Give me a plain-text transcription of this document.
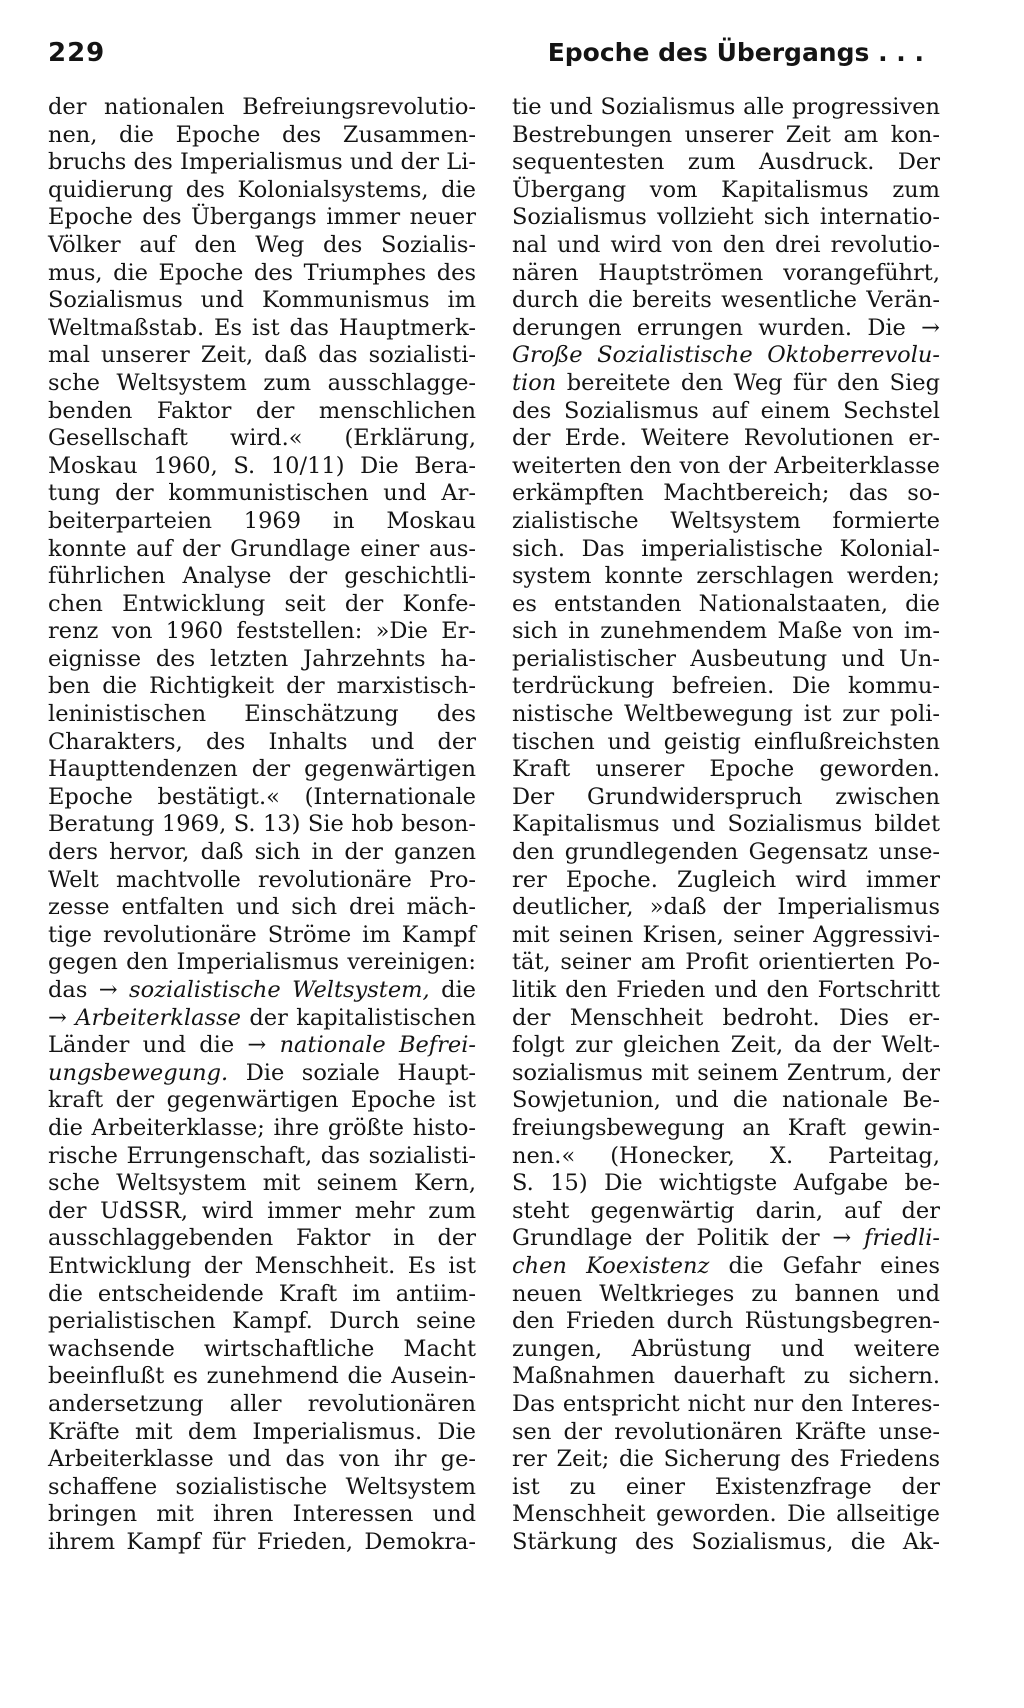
229	Epoche des Übergangs . . .
der nationalen Befreiungsrevolutio-
nen, die Epoche des Zusammen-
bruchs des Imperialismus und der Li-
quidierung des Kolonialsystems, die
Epoche des Übergangs immer neuer
Völker auf den Weg des Sozialis-
mus, die Epoche des Triumphes des
Sozialismus und Kommunismus im
Weltmaßstab. Es ist das Hauptmerk-
mal unserer Zeit, daß das sozialisti-
sche Weltsystem zum ausschlagge-
benden Faktor der menschlichen
Gesellschaft wird.« (Erklärung,
Moskau 1960, S. 10/11) Die Bera-
tung der kommunistischen und Ar-
beiterparteien 1969 in Moskau
konnte auf der Grundlage einer aus-
führlichen Analyse der geschichtli-
chen Entwicklung seit der Konfe-
renz von 1960 feststellen: »Die Er-
eignisse des letzten Jahrzehnts ha-
ben die Richtigkeit der marxistisch-
leninistischen Einschätzung des
Charakters, des Inhalts und der
Haupttendenzen der gegenwärtigen
Epoche bestätigt.« (Internationale
Beratung 1969, S. 13) Sie hob beson-
ders hervor, daß sich in der ganzen
Welt machtvolle revolutionäre Pro-
zesse entfalten und sich drei mäch-
tige revolutionäre Ströme im Kampf
gegen den Imperialismus vereinigen:
das → sozialistische Weltsystem, die
→ Arbeiterklasse der kapitalistischen
Länder und die → nationale Befrei-
ungsbewegung. Die soziale Haupt-
kraft der gegenwärtigen Epoche ist
die Arbeiterklasse; ihre größte histo-
rische Errungenschaft, das sozialisti-
sche Weltsystem mit seinem Kern,
der UdSSR, wird immer mehr zum
ausschlaggebenden Faktor in der
Entwicklung der Menschheit. Es ist
die entscheidende Kraft im antiim-
perialistischen Kampf. Durch seine
wachsende wirtschaftliche Macht
beeinflußt es zunehmend die Ausein-
andersetzung aller revolutionären
Kräfte mit dem Imperialismus. Die
Arbeiterklasse und das von ihr ge-
schaffene sozialistische Weltsystem
bringen mit ihren Interessen und
ihrem Kampf für Frieden, Demokra-
tie und Sozialismus alle progressiven
Bestrebungen unserer Zeit am kon-
sequentesten zum Ausdruck. Der
Übergang vom Kapitalismus zum
Sozialismus vollzieht sich internatio-
nal und wird von den drei revolutio-
nären Hauptströmen vorangeführt,
durch die bereits wesentliche Verän-
derungen errungen wurden. Die →
Große Sozialistische Oktoberrevolu-
tion bereitete den Weg für den Sieg
des Sozialismus auf einem Sechstel
der Erde. Weitere Revolutionen er-
weiterten den von der Arbeiterklasse
erkämpften Machtbereich; das so-
zialistische Weltsystem formierte
sich. Das imperialistische Kolonial-
system konnte zerschlagen werden;
es entstanden Nationalstaaten, die
sich in zunehmendem Maße von im-
perialistischer Ausbeutung und Un-
terdrückung befreien. Die kommu-
nistische Weltbewegung ist zur poli-
tischen und geistig einflußreichsten
Kraft unserer Epoche geworden.
Der Grundwiderspruch zwischen
Kapitalismus und Sozialismus bildet
den grundlegenden Gegensatz unse-
rer Epoche. Zugleich wird immer
deutlicher, »daß der Imperialismus
mit seinen Krisen, seiner Aggressivi-
tät, seiner am Profit orientierten Po-
litik den Frieden und den Fortschritt
der Menschheit bedroht. Dies er-
folgt zur gleichen Zeit, da der Welt-
sozialismus mit seinem Zentrum, der
Sowjetunion, und die nationale Be-
freiungsbewegung an Kraft gewin-
nen.« (Honecker, X. Parteitag,
S. 15) Die wichtigste Aufgabe be-
steht gegenwärtig darin, auf der
Grundlage der Politik der → friedli-
chen Koexistenz die Gefahr eines
neuen Weltkrieges zu bannen und
den Frieden durch Rüstungsbegren-
zungen, Abrüstung und weitere
Maßnahmen dauerhaft zu sichern.
Das entspricht nicht nur den Interes-
sen der revolutionären Kräfte unse-
rer Zeit; die Sicherung des Friedens
ist zu einer Existenzfrage der
Menschheit geworden. Die allseitige
Stärkung des Sozialismus, die Ak-
